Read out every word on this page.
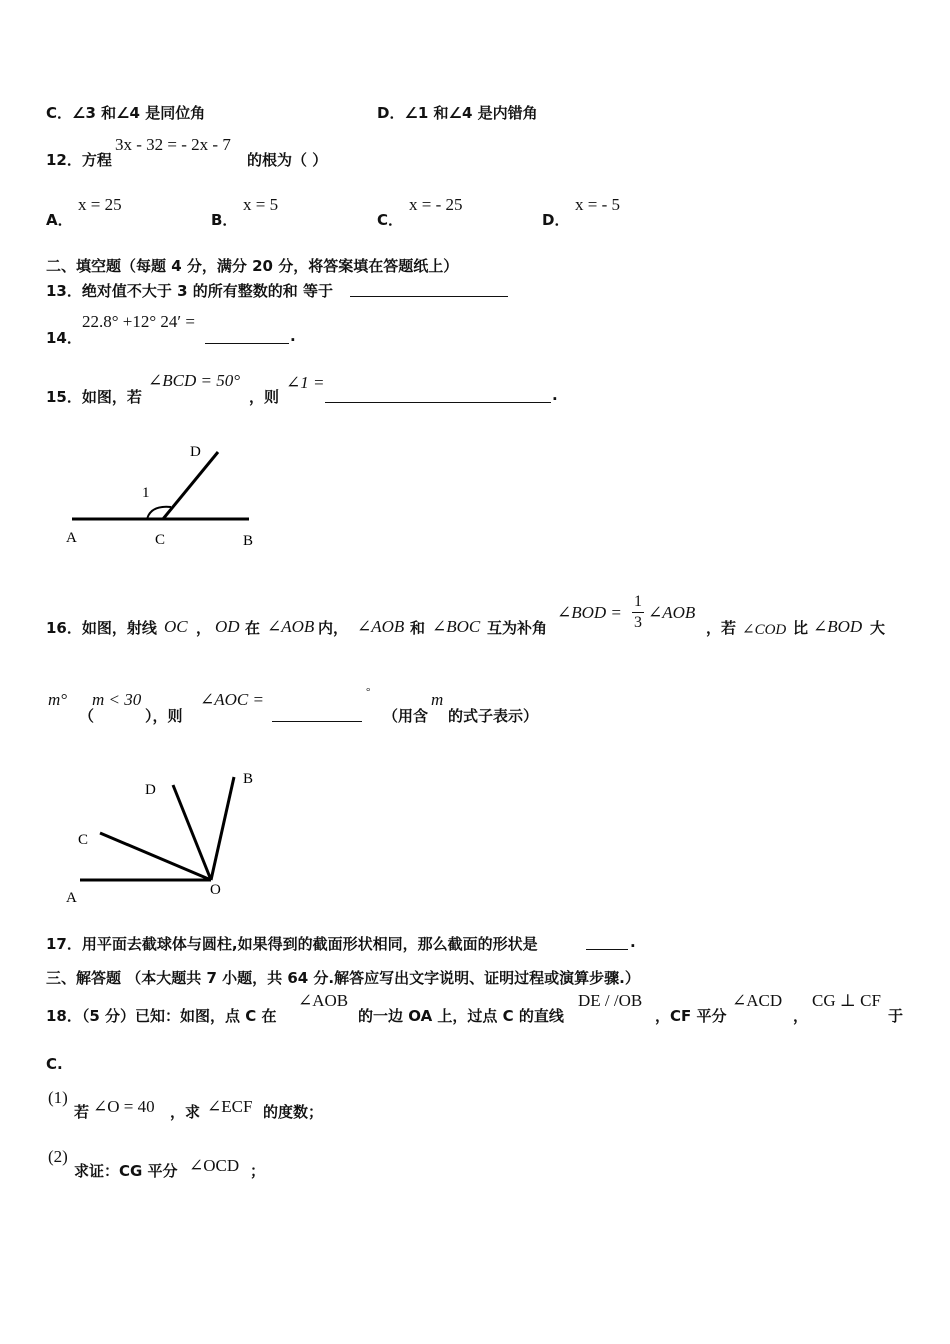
C．∠3 和∠4 是同位角	D．∠1 和∠4 是内错角
12．方程
3x - 32 = - 2x - 7
的根为（ ）
A．
x = 25
B．
x = 5
C．
x = - 25
D．
x = - 5
二、填空题（每题 4 分，满分 20 分，将答案填在答题纸上）
13．绝对值不大于 3 的所有整数的和 等于
22.8° +12° 24′ =
14．	.
15．如图，若
∠BCD = 50°
，则
∠1 =
.
D
1
A	C	B
16．如图，射线 OC ， OD 在 ∠AOB 内， ∠AOB 和 ∠BOC 互为补角
∠BOD =
1
3
∠AOB
，若 ∠COD 比 ∠BOD 大
m°
（
m < 30
），则
∠AOC =	°
（用含
m
的式子表示）
D
B
C
A	O
17．用平面去截球体与圆柱,如果得到的截面形状相同，那么截面的形状是	.
三、解答题 （本大题共 7 小题，共 64 分.解答应写出文字说明、证明过程或演算步骤.）
18．（5 分）已知：如图，点 C 在
∠AOB
的一边 OA 上，过点 C 的直线
DE / /OB
，CF 平分
∠ACD
，
CG ⊥ CF
于
C.
(1)
若 ∠O = 40 ，求 ∠ECF 的度数；
(2)
求证：CG 平分 ∠OCD ；
